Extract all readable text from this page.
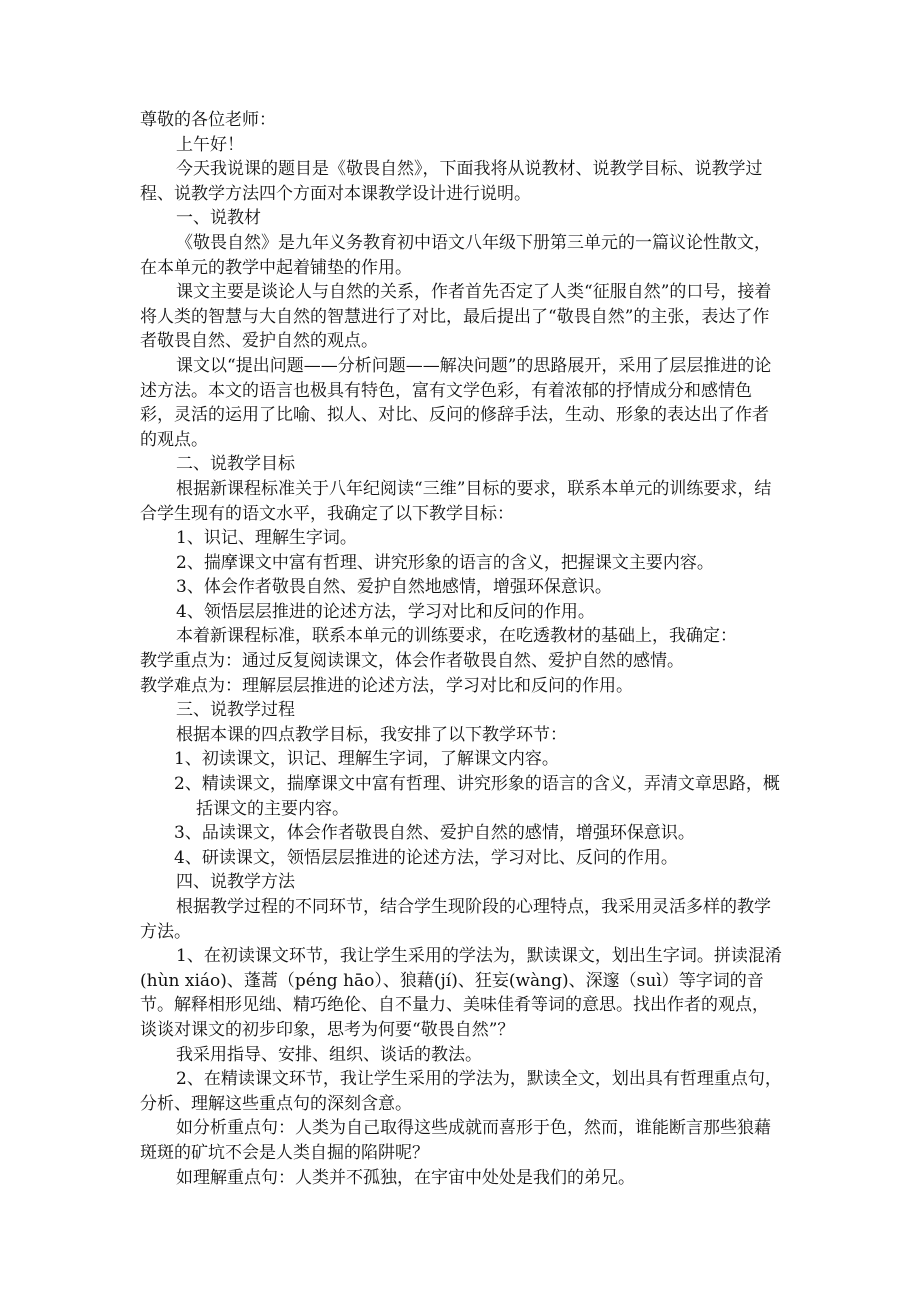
尊敬的各位老师：

上午好！

今天我说课的题目是《敬畏自然》，下面我将从说教材、说教学目标、说教学过程、说教学方法四个方面对本课教学设计进行说明。

一、说教材

《敬畏自然》是九年义务教育初中语文八年级下册第三单元的一篇议论性散文，在本单元的教学中起着铺垫的作用。

课文主要是谈论人与自然的关系，作者首先否定了人类“征服自然”的口号，接着将人类的智慧与大自然的智慧进行了对比，最后提出了“敬畏自然”的主张，表达了作者敬畏自然、爱护自然的观点。

课文以“提出问题——分析问题——解决问题”的思路展开，采用了层层推进的论述方法。本文的语言也极具有特色，富有文学色彩，有着浓郁的抒情成分和感情色彩，灵活的运用了比喻、拟人、对比、反问的修辞手法，生动、形象的表达出了作者的观点。

二、说教学目标

根据新课程标准关于八年纪阅读“三维”目标的要求，联系本单元的训练要求，结合学生现有的语文水平，我确定了以下教学目标：

1、识记、理解生字词。

2、揣摩课文中富有哲理、讲究形象的语言的含义，把握课文主要内容。

3、体会作者敬畏自然、爱护自然地感情，增强环保意识。

4、领悟层层推进的论述方法，学习对比和反问的作用。

本着新课程标准，联系本单元的训练要求，在吃透教材的基础上，我确定：

教学重点为：通过反复阅读课文，体会作者敬畏自然、爱护自然的感情。

教学难点为：理解层层推进的论述方法，学习对比和反问的作用。

三、说教学过程

根据本课的四点教学目标，我安排了以下教学环节：

1、初读课文，识记、理解生字词，了解课文内容。

2、精读课文，揣摩课文中富有哲理、讲究形象的语言的含义，弄清文章思路，概括课文的主要内容。

3、品读课文，体会作者敬畏自然、爱护自然的感情，增强环保意识。

4、研读课文，领悟层层推进的论述方法，学习对比、反问的作用。

四、说教学方法

根据教学过程的不同环节，结合学生现阶段的心理特点，我采用灵活多样的教学方法。

1、在初读课文环节，我让学生采用的学法为，默读课文，划出生字词。拼读混淆(hùn xiáo)、蓬蒿（péng hāo）、狼藉(jí)、狂妄(wàng)、深邃（suì）等字词的音节。解释相形见绌、精巧绝伦、自不量力、美味佳肴等词的意思。找出作者的观点，谈谈对课文的初步印象，思考为何要“敬畏自然”？

我采用指导、安排、组织、谈话的教法。

2、在精读课文环节，我让学生采用的学法为，默读全文，划出具有哲理重点句，分析、理解这些重点句的深刻含意。

如分析重点句：人类为自己取得这些成就而喜形于色，然而，谁能断言那些狼藉斑斑的矿坑不会是人类自掘的陷阱呢？

如理解重点句：人类并不孤独，在宇宙中处处是我们的弟兄。
